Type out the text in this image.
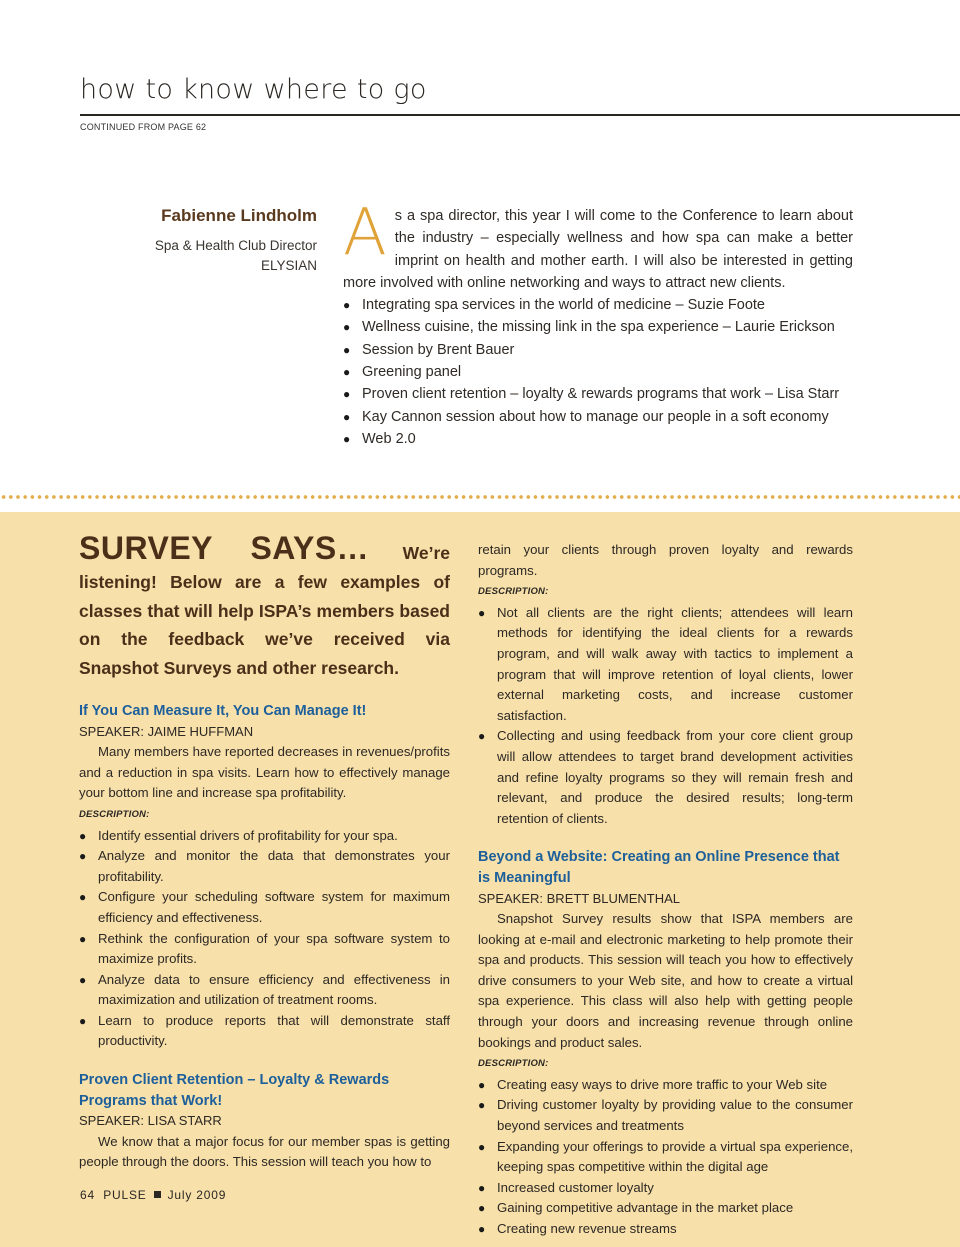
how to know where to go
CONTINUED FROM PAGE 62
Fabienne Lindholm
Spa & Health Club Director
ELYSIAN As a spa director, this year I will come to the Conference to learn about the industry – especially wellness and how spa can make a better imprint on health and mother earth. I will also be interested in getting more involved with online networking and ways to attract new clients.
● Integrating spa services in the world of medicine – Suzie Foote
● Wellness cuisine, the missing link in the spa experience – Laurie Erickson
● Session by Brent Bauer
● Greening panel
● Proven client retention – loyalty & rewards programs that work – Lisa Starr
● Kay Cannon session about how to manage our people in a soft economy
● Web 2.0
SURVEY SAYS… We’re listening! Below are a few examples of classes that will help ISPA’s members based on the feedback we’ve received via Snapshot Surveys and other research.
If You Can Measure It, You Can Manage It!
SPEAKER: JAIME HUFFMAN

Many members have reported decreases in revenues/profits and a reduction in spa visits. Learn how to effectively manage your bottom line and increase spa profitability.

DESCRIPTION:
● Identify essential drivers of profitability for your spa.
● Analyze and monitor the data that demonstrates your profitability.
● Configure your scheduling software system for maximum efficiency and effectiveness.
● Rethink the configuration of your spa software system to maximize profits.
● Analyze data to ensure efficiency and effectiveness in maximization and utilization of treatment rooms.
● Learn to produce reports that will demonstrate staff productivity.
Proven Client Retention – Loyalty & Rewards Programs that Work!
SPEAKER: LISA STARR

We know that a major focus for our member spas is getting people through the doors. This session will teach you how to

retain your clients through proven loyalty and rewards programs.

DESCRIPTION:
● Not all clients are the right clients; attendees will learn methods for identifying the ideal clients for a rewards program, and will walk away with tactics to implement a program that will improve retention of loyal clients, lower external marketing costs, and increase customer satisfaction.
● Collecting and using feedback from your core client group will allow attendees to target brand development activities and refine loyalty programs so they will remain fresh and relevant, and produce the desired results; long-term retention of clients.
Beyond a Website: Creating an Online Presence that is Meaningful
SPEAKER: BRETT BLUMENTHAL

Snapshot Survey results show that ISPA members are looking at e-mail and electronic marketing to help promote their spa and products. This session will teach you how to effectively drive consumers to your Web site, and how to create a virtual spa experience. This class will also help with getting people through your doors and increasing revenue through online bookings and product sales.

DESCRIPTION:
● Creating easy ways to drive more traffic to your Web site
● Driving customer loyalty by providing value to the consumer beyond services and treatments
● Expanding your offerings to provide a virtual spa experience, keeping spas competitive within the digital age
● Increased customer loyalty
● Gaining competitive advantage in the market place
● Creating new revenue streams
64 PULSE July 2009
